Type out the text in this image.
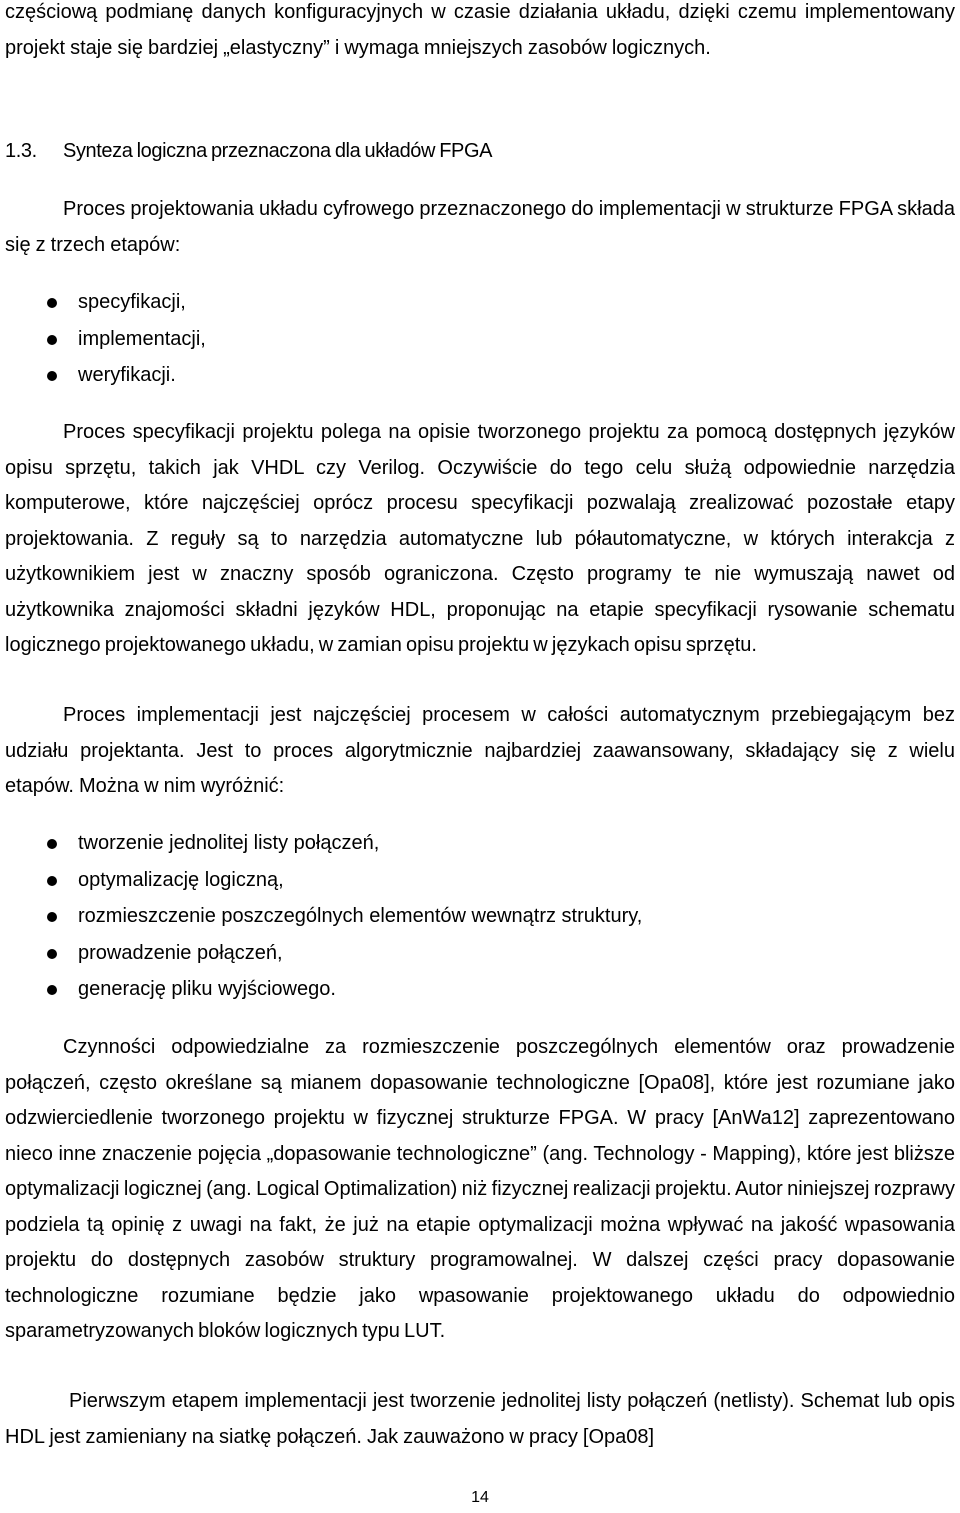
częściową podmianę danych konfiguracyjnych w czasie działania układu, dzięki czemu implementowany projekt staje się bardziej „elastyczny” i wymaga mniejszych zasobów logicznych.

1.3. Synteza logiczna przeznaczona dla układów FPGA

Proces projektowania układu cyfrowego przeznaczonego do implementacji w strukturze FPGA składa się z trzech etapów:

specyfikacji,
implementacji,
weryfikacji.

Proces specyfikacji projektu polega na opisie tworzonego projektu za pomocą dostępnych języków opisu sprzętu, takich jak VHDL czy Verilog. Oczywiście do tego celu służą odpowiednie narzędzia komputerowe, które najczęściej oprócz procesu specyfikacji pozwalają zrealizować pozostałe etapy projektowania. Z reguły są to narzędzia automatyczne lub półautomatyczne, w których interakcja z użytkownikiem jest w znaczny sposób ograniczona. Często programy te nie wymuszają nawet od użytkownika znajomości składni języków HDL, proponując na etapie specyfikacji rysowanie schematu logicznego projektowanego układu, w zamian opisu projektu w językach opisu sprzętu.

Proces implementacji jest najczęściej procesem w całości automatycznym przebiegającym bez udziału projektanta. Jest to proces algorytmicznie najbardziej zaawansowany, składający się z wielu etapów. Można w nim wyróżnić:

tworzenie jednolitej listy połączeń,
optymalizację logiczną,
rozmieszczenie poszczególnych elementów wewnątrz struktury,
prowadzenie połączeń,
generację pliku wyjściowego.

Czynności odpowiedzialne za rozmieszczenie poszczególnych elementów oraz prowadzenie połączeń, często określane są mianem dopasowanie technologiczne [Opa08], które jest rozumiane jako odzwierciedlenie tworzonego projektu w fizycznej strukturze FPGA. W pracy [AnWa12] zaprezentowano nieco inne znaczenie pojęcia „dopasowanie technologiczne” (ang. Technology - Mapping), które jest bliższe optymalizacji logicznej (ang. Logical Optimalization) niż fizycznej realizacji projektu. Autor niniejszej rozprawy podziela tą opinię z uwagi na fakt, że już na etapie optymalizacji można wpływać na jakość wpasowania projektu do dostępnych zasobów struktury programowalnej. W dalszej części pracy dopasowanie technologiczne rozumiane będzie jako wpasowanie projektowanego układu do odpowiednio sparametryzowanych bloków logicznych typu LUT.

Pierwszym etapem implementacji jest tworzenie jednolitej listy połączeń (netlisty). Schemat lub opis HDL jest zamieniany na siatkę połączeń. Jak zauważono w pracy [Opa08]

14
